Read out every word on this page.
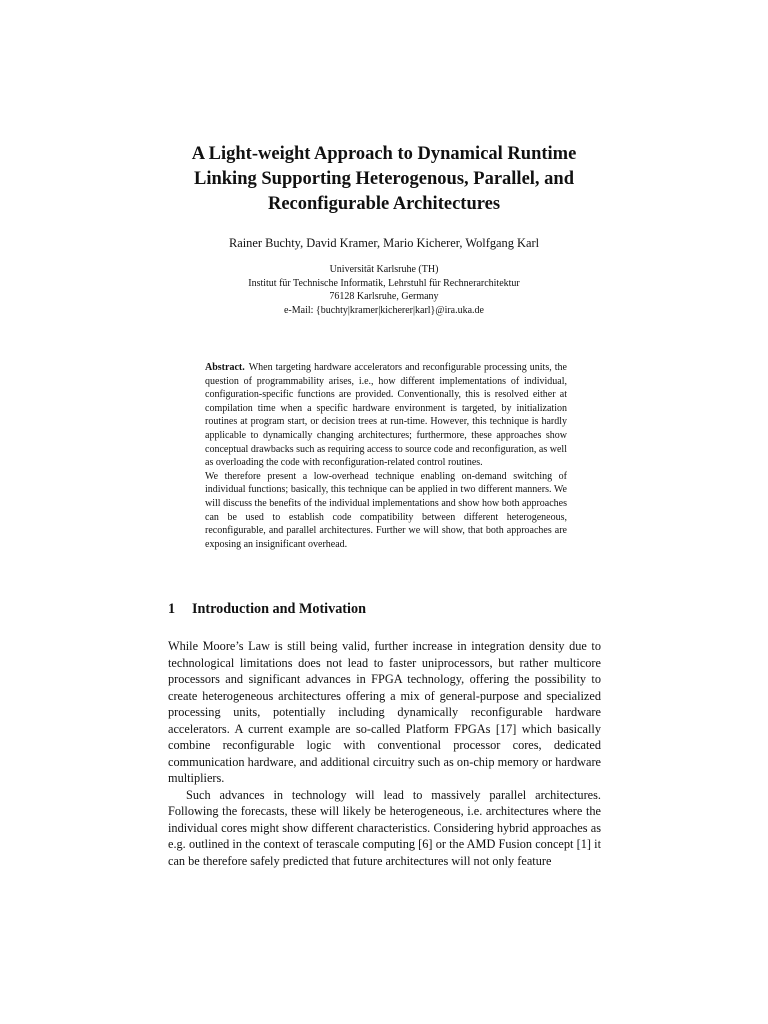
A Light-weight Approach to Dynamical Runtime
Linking Supporting Heterogenous, Parallel, and
Reconfigurable Architectures
Rainer Buchty, David Kramer, Mario Kicherer, Wolfgang Karl
Universität Karlsruhe (TH)
Institut für Technische Informatik, Lehrstuhl für Rechnerarchitektur
76128 Karlsruhe, Germany
e-Mail: {buchty|kramer|kicherer|karl}@ira.uka.de

Abstract. When targeting hardware accelerators and reconfigurable processing units, the question of programmability arises, i.e., how different implementations of individual, configuration-specific functions are provided. Conventionally, this is resolved either at compilation time when a specific hardware environment is targeted, by initialization routines at program start, or decision trees at run-time. However, this technique is hardly applicable to dynamically changing architectures; furthermore, these approaches show conceptual drawbacks such as requiring access to source code and reconfiguration, as well as overloading the code with reconfiguration-related control routines.

We therefore present a low-overhead technique enabling on-demand switching of individual functions; basically, this technique can be applied in two different manners. We will discuss the benefits of the individual implementations and show how both approaches can be used to establish code compatibility between different heterogeneous, reconfigurable, and parallel architectures. Further we will show, that both approaches are exposing an insignificant overhead.

1 Introduction and Motivation

While Moore’s Law is still being valid, further increase in integration density due to technological limitations does not lead to faster uniprocessors, but rather multicore processors and significant advances in FPGA technology, offering the possibility to create heterogeneous architectures offering a mix of general-purpose and specialized processing units, potentially including dynamically reconfigurable hardware accelerators. A current example are so-called Platform FPGAs [17] which basically combine reconfigurable logic with conventional processor cores, dedicated communication hardware, and additional circuitry such as on-chip memory or hardware multipliers.

Such advances in technology will lead to massively parallel architectures. Following the forecasts, these will likely be heterogeneous, i.e. architectures where the individual cores might show different characteristics. Considering hybrid approaches as e.g. outlined in the context of terascale computing [6] or the AMD Fusion concept [1] it can be therefore safely predicted that future architectures will not only feature
